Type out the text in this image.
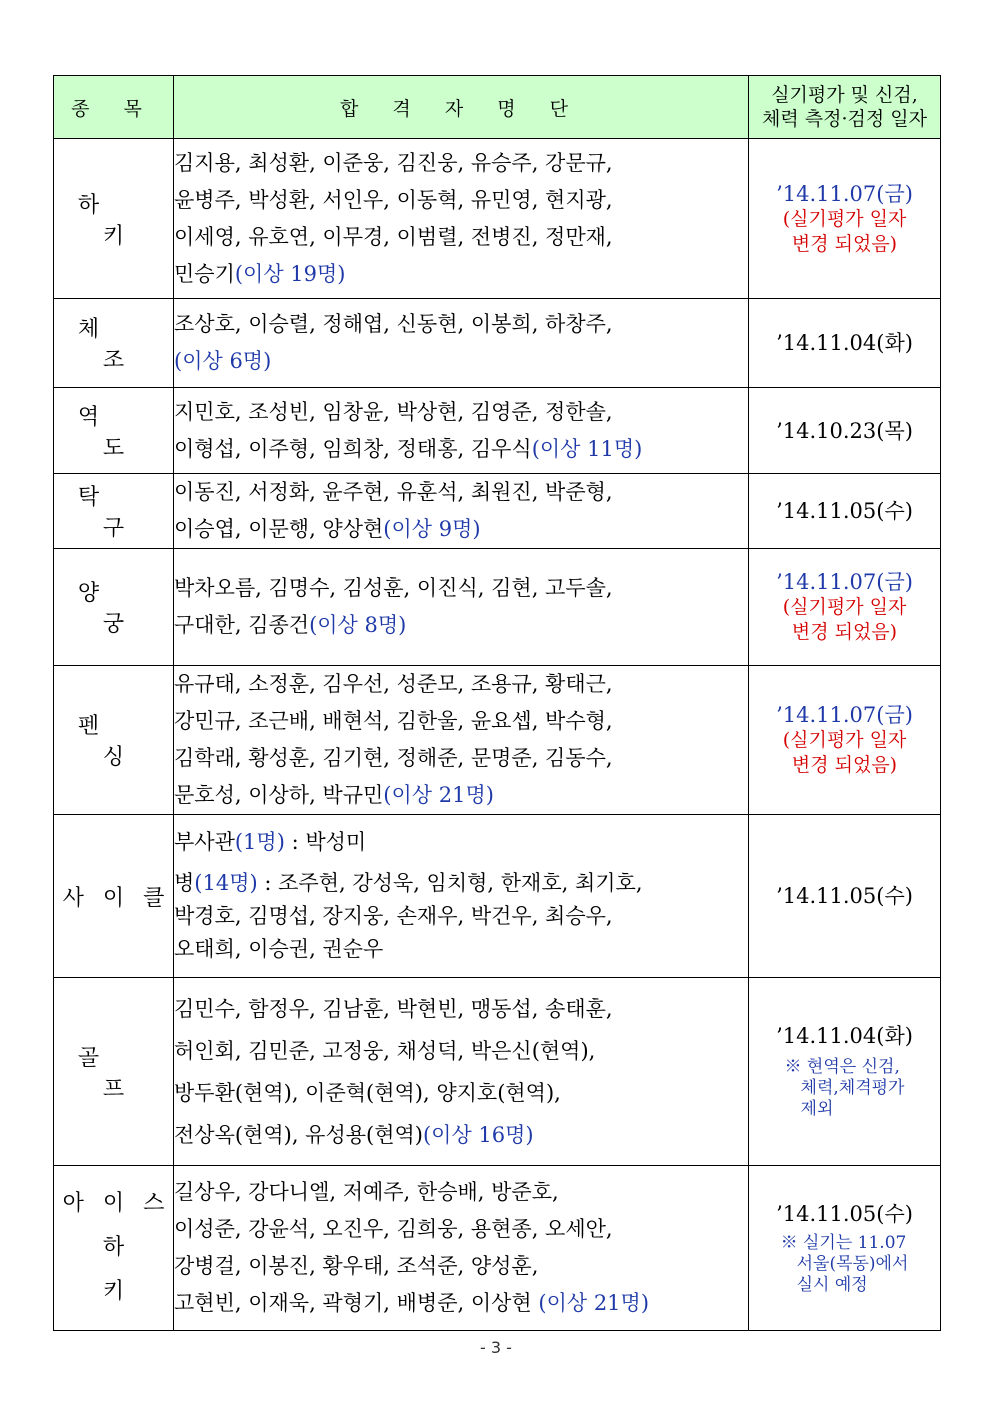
종 목	합 격 자 명 단	실기평가 및 신검,
체력 측정·검정 일자

하 키	김지용, 최성환, 이준웅, 김진웅, 유승주, 강문규,
윤병주, 박성환, 서인우, 이동혁, 유민영, 현지광,
이세영, 유호연, 이무경, 이범렬, 전병진, 정만재,
민승기(이상 19명)	’14.11.07(금)
(실기평가 일자
변경 되었음)

체 조	조상호, 이승렬, 정해엽, 신동현, 이봉희, 하창주,
(이상 6명)	’14.11.04(화)

역 도	지민호, 조성빈, 임창윤, 박상현, 김영준, 정한솔,
이형섭, 이주형, 임희창, 정태홍, 김우식(이상 11명)	’14.10.23(목)

탁 구	이동진, 서정화, 윤주현, 유훈석, 최원진, 박준형,
이승엽, 이문행, 양상현(이상 9명)	’14.11.05(수)

양 궁	박차오름, 김명수, 김성훈, 이진식, 김현, 고두솔,
구대한, 김종건(이상 8명)	’14.11.07(금)
(실기평가 일자
변경 되었음)

펜 싱	유규태, 소정훈, 김우선, 성준모, 조용규, 황태근,
강민규, 조근배, 배현석, 김한울, 윤요셉, 박수형,
김학래, 황성훈, 김기현, 정해준, 문명준, 김동수,
문호성, 이상하, 박규민(이상 21명)	’14.11.07(금)
(실기평가 일자
변경 되었음)

사 이 클	부사관(1명) : 박성미
병(14명) : 조주현, 강성욱, 임치형, 한재호, 최기호,
박경호, 김명섭, 장지웅, 손재우, 박건우, 최승우,
오태희, 이승권, 권순우	’14.11.05(수)

골 프	김민수, 함정우, 김남훈, 박현빈, 맹동섭, 송태훈,
허인회, 김민준, 고정웅, 채성덕, 박은신(현역),
방두환(현역), 이준혁(현역), 양지호(현역),
전상옥(현역), 유성용(현역)(이상 16명)	’14.11.04(화)
※ 현역은 신검,
체력,체격평가
제외

아 이 스
하 키	길상우, 강다니엘, 저예주, 한승배, 방준호,
이성준, 강윤석, 오진우, 김희웅, 용현종, 오세안,
강병걸, 이봉진, 황우태, 조석준, 양성훈,
고현빈, 이재욱, 곽형기, 배병준, 이상현 (이상 21명)	’14.11.05(수)
※ 실기는 11.07
서울(목동)에서
실시 예정
- 3 -
